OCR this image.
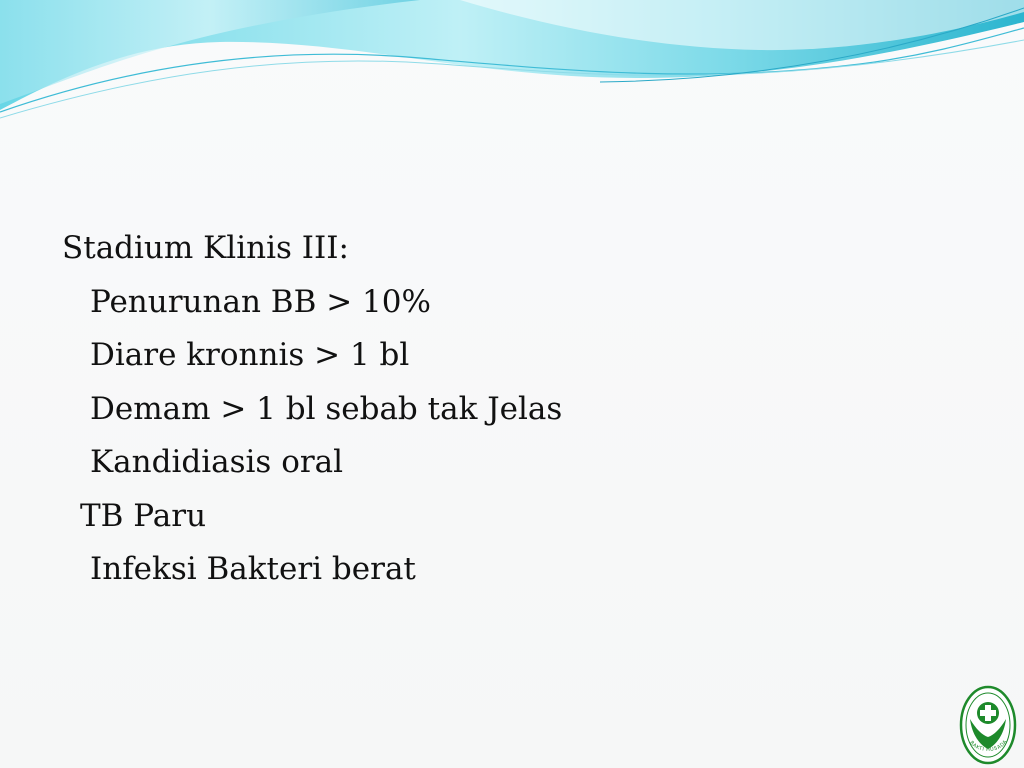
Stadium Klinis III:
Penurunan BB > 10%
Diare kronnis > 1 bl
Demam > 1 bl sebab tak Jelas
Kandidiasis oral
TB Paru
Infeksi Bakteri berat
BAKTI HUSADA
